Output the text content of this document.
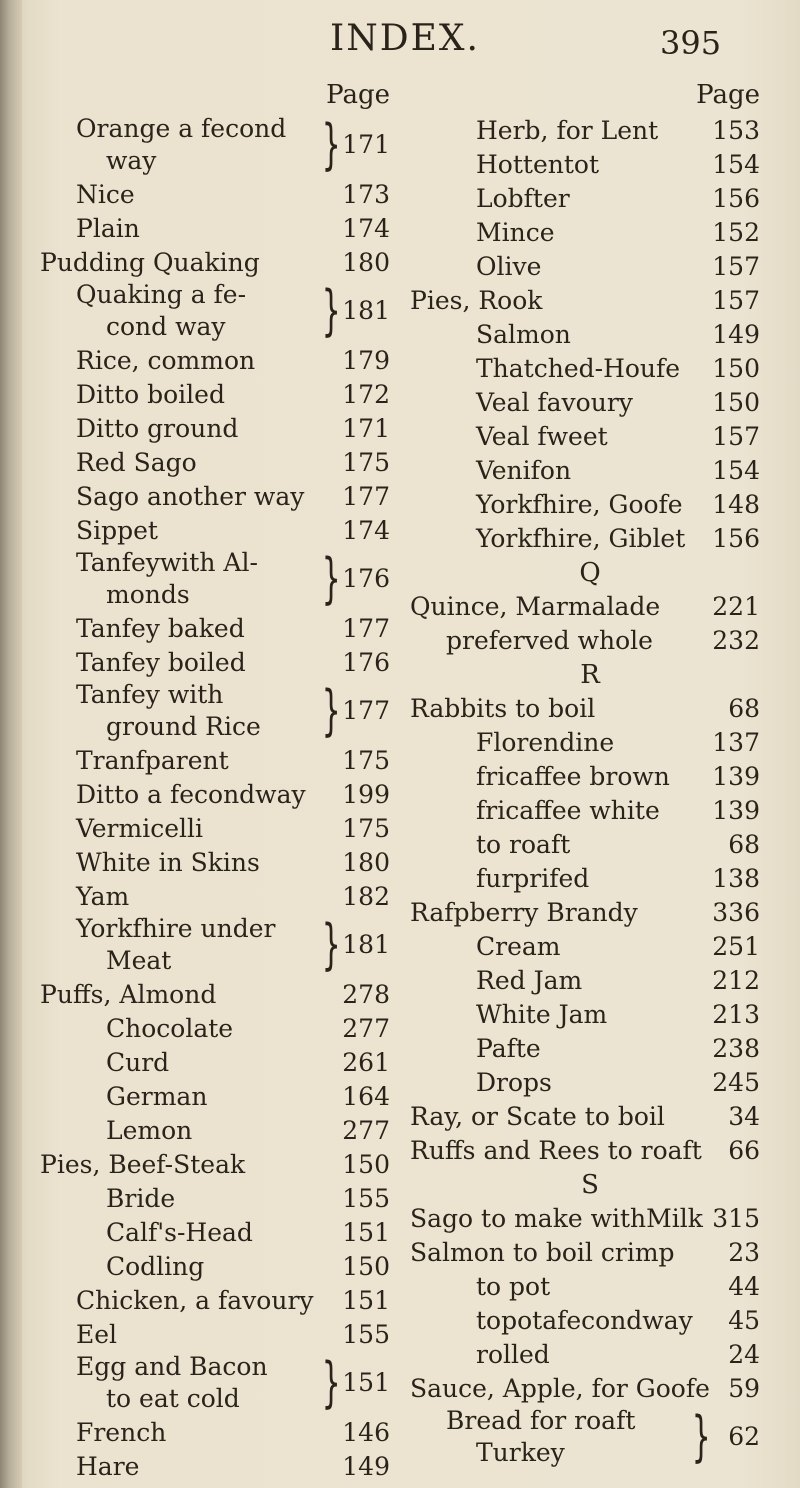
INDEX.	395
Page
Orange a fecond
way	} 171
Nice	173
Plain	174
Pudding Quaking	180
Quaking a fe-
cond way } 181
Rice, common	179
Ditto boiled	172
Ditto ground	171
Red Sago	175
Sago another way 177
Sippet	174
Tanfeywith Al-
monds } 176
Tanfey baked	177
Tanfey boiled	176
Tanfey with
ground Rice } 177
Tranfparent	175
Ditto a fecondway 199
Vermicelli	175
White in Skins	180
Yam	182
Yorkfhire under
Meat	} 181
Puffs, Almond	278
Chocolate	277
Curd	261
German	164
Lemon	277
Pies, Beef-Steak	150
Bride	155
Calf's-Head	151
Codling	150
Chicken, a favoury 151
Eel	155
Egg and Bacon
to eat cold } 151
French	146
Hare	149
Page
Herb, for Lent 153
Hottentot	154
Lobfter	156
Mince	152
Olive	157
Pies, Rook	157
Salmon	149
Thatched-Houfe 150
Veal favoury	150
Veal fweet	157
Venifon	154
Yorkfhire, Goofe 148
Yorkfhire, Giblet 156
Q
Quince, Marmalade 221
preferved whole 232
R
Rabbits to boil	68
Florendine	137
fricaffee brown 139
fricaffee white 139
to roaft	68
furprifed	138
Rafpberry Brandy	336
Cream	251
Red Jam	212
White Jam	213
Pafte	238
Drops	245
Ray, or Scate to boil	34
Ruffs and Rees to roaft 66
S
Sago to make withMilk 315
Salmon to boil crimp 23
to pot	44
topotafecondway 45
rolled	24
Sauce, Apple, for Goofe 59
Bread for roaft
Turkey } 62
